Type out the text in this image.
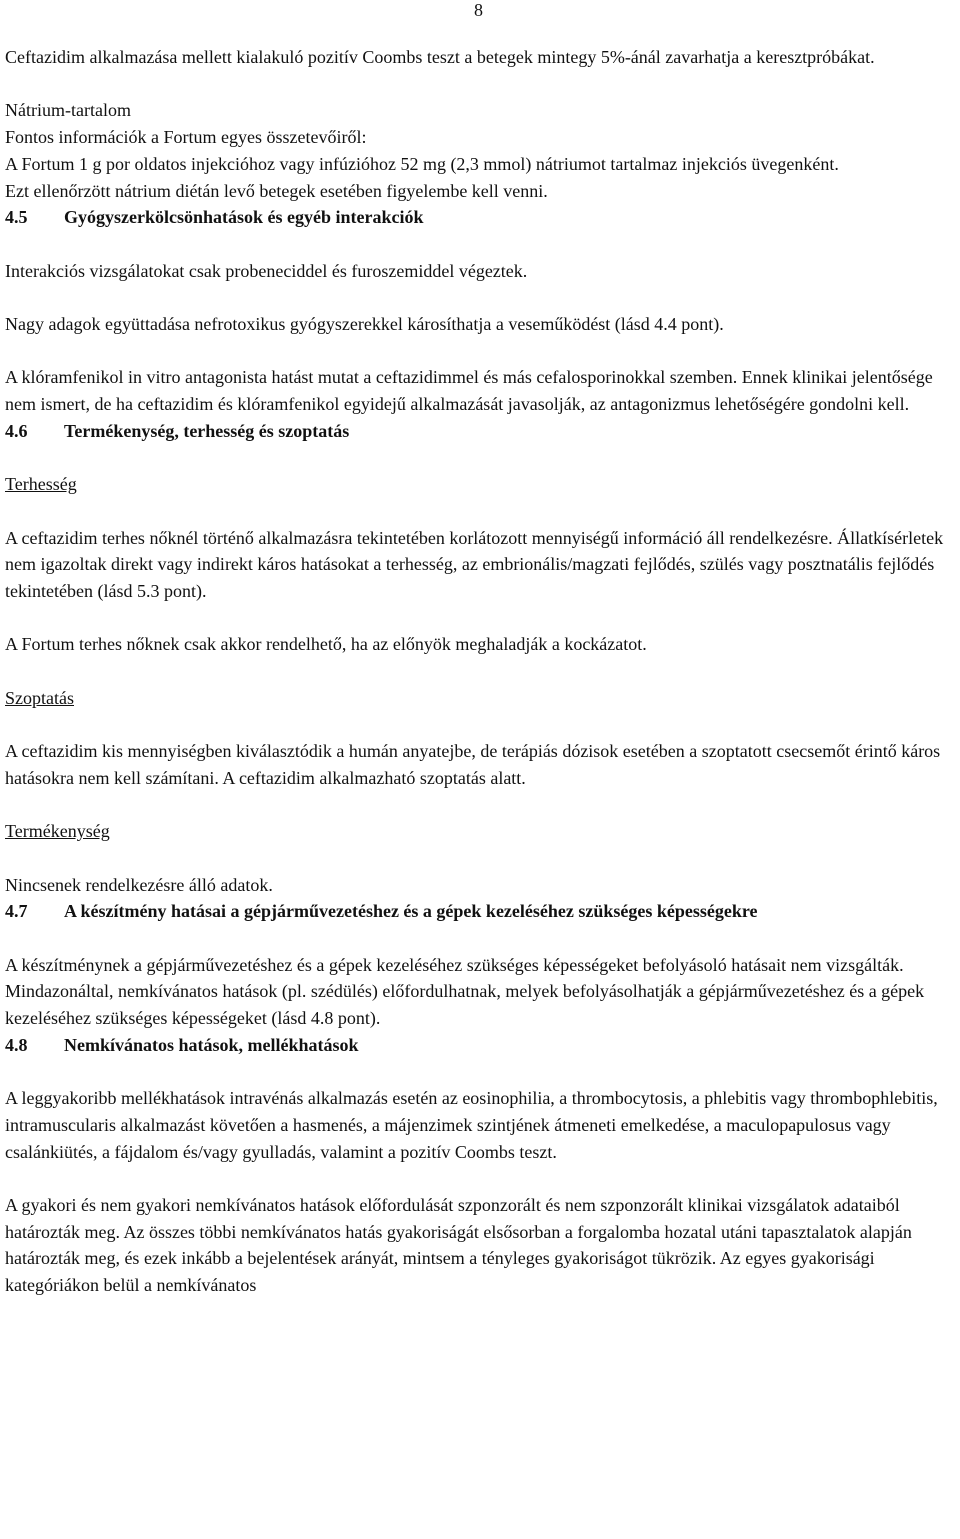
8

Ceftazidim alkalmazása mellett kialakuló pozitív Coombs teszt a betegek mintegy 5%-ánál zavarhatja a keresztpróbákat.

Nátrium-tartalom
Fontos információk a Fortum egyes összetevőiről:
A Fortum 1 g por oldatos injekcióhoz vagy infúzióhoz 52 mg (2,3 mmol) nátriumot tartalmaz injekciós üvegenként.
Ezt ellenőrzött nátrium diétán levő betegek esetében figyelembe kell venni.
4.5 Gyógyszerkölcsönhatások és egyéb interakciók

Interakciós vizsgálatokat csak probeneciddel és furoszemiddel végeztek.

Nagy adagok együttadása nefrotoxikus gyógyszerekkel károsíthatja a veseműködést (lásd 4.4 pont).

A klóramfenikol in vitro antagonista hatást mutat a ceftazidimmel és más cefalosporinokkal szemben. Ennek klinikai jelentősége nem ismert, de ha ceftazidim és klóramfenikol egyidejű alkalmazását javasolják, az antagonizmus lehetőségére gondolni kell.

4.6 Termékenység, terhesség és szoptatás

Terhesség

A ceftazidim terhes nőknél történő alkalmazásra tekintetében korlátozott mennyiségű információ áll rendelkezésre. Állatkísérletek nem igazoltak direkt vagy indirekt káros hatásokat a terhesség, az embrionális/magzati fejlődés, szülés vagy posztnatális fejlődés tekintetében (lásd 5.3 pont).

A Fortum terhes nőknek csak akkor rendelhető, ha az előnyök meghaladják a kockázatot.

Szoptatás

A ceftazidim kis mennyiségben kiválasztódik a humán anyatejbe, de terápiás dózisok esetében a szoptatott csecsemőt érintő káros hatásokra nem kell számítani. A ceftazidim alkalmazható szoptatás alatt.

Termékenység

Nincsenek rendelkezésre álló adatok.

4.7 A készítmény hatásai a gépjárművezetéshez és a gépek kezeléséhez szükséges képességekre

A készítménynek a gépjárművezetéshez és a gépek kezeléséhez szükséges képességeket befolyásoló hatásait nem vizsgálták. Mindazonáltal, nemkívánatos hatások (pl. szédülés) előfordulhatnak, melyek befolyásolhatják a gépjárművezetéshez és a gépek kezeléséhez szükséges képességeket (lásd 4.8 pont).

4.8 Nemkívánatos hatások, mellékhatások

A leggyakoribb mellékhatások intravénás alkalmazás esetén az eosinophilia, a thrombocytosis, a phlebitis vagy thrombophlebitis, intramuscularis alkalmazást követően a hasmenés, a májenzimek szintjének átmeneti emelkedése, a maculopapulosus vagy csalánkiütés, a fájdalom és/vagy gyulladás, valamint a pozitív Coombs teszt.

A gyakori és nem gyakori nemkívánatos hatások előfordulását szponzorált és nem szponzorált klinikai vizsgálatok adataiból határozták meg. Az összes többi nemkívánatos hatás gyakoriságát elsősorban a forgalomba hozatal utáni tapasztalatok alapján határozták meg, és ezek inkább a bejelentések arányát, mintsem a tényleges gyakoriságot tükrözik. Az egyes gyakorisági kategóriákon belül a nemkívánatos
